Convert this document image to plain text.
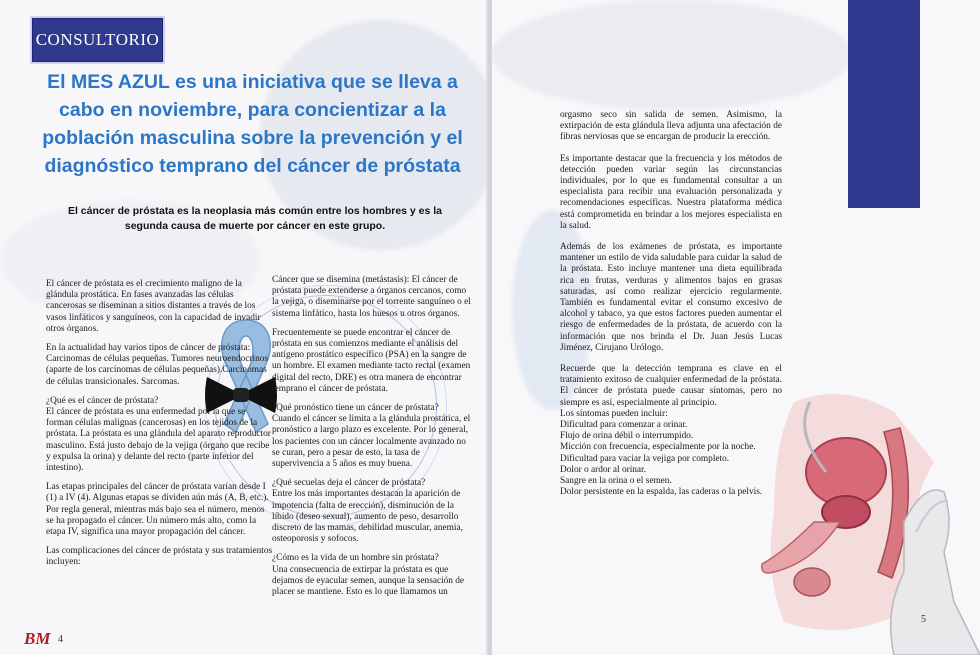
CONSULTORIO
El MES AZUL es una iniciativa que se lleva a cabo en noviembre, para concientizar a la población masculina sobre la prevención y el diagnóstico temprano del cáncer de próstata
El cáncer de próstata es la neoplasia más común entre los hombres y es la segunda causa de muerte por cáncer en este grupo.

El cáncer de próstata es el crecimiento maligno de la glándula prostática. En fases avanzadas las células cancerosas se diseminan a sitios distantes a través de los vasos linfáticos y sanguíneos, con la capacidad de invadir otros órganos.

En la actualidad hay varios tipos de cáncer de próstata: Carcinomas de células pequeñas. Tumores neuroendocrinos (aparte de los carcinomas de células pequeñas).Carcinomas de células transicionales. Sarcomas.

¿Qué es el cáncer de próstata?
El cáncer de próstata es una enfermedad por la que se forman células malignas (cancerosas) en los tejidos de la próstata. La próstata es una glándula del aparato reproductor masculino. Está justo debajo de la vejiga (órgano que recibe y expulsa la orina) y delante del recto (parte inferior del intestino).

Las etapas principales del cáncer de próstata varían desde I (1) a IV (4). Algunas etapas se dividen aún más (A, B, etc.). Por regla general, mientras más bajo sea el número, menos se ha propagado el cáncer. Un número más alto, como la etapa IV, significa una mayor propagación del cáncer.

Las complicaciones del cáncer de próstata y sus tratamientos incluyen:

Cáncer que se disemina (metástasis): El cáncer de próstata puede extenderse a órganos cercanos, como la vejiga, o diseminarse por el torrente sanguíneo o el sistema linfático, hasta los huesos u otros órganos.

Frecuentemente se puede encontrar el cáncer de próstata en sus comienzos mediante el análisis del antígeno prostático específico (PSA) en la sangre de un hombre. El examen mediante tacto rectal (examen digital del recto, DRE) es otra manera de encontrar temprano el cáncer de próstata.

¿Qué pronóstico tiene un cáncer de próstata?
Cuando el cáncer se limita a la glándula prostática, el pronóstico a largo plazo es excelente. Por lo general, los pacientes con un cáncer localmente avanzado no se curan, pero a pesar de esto, la tasa de supervivencia a 5 años es muy buena.

¿Qué secuelas deja el cáncer de próstata?
Entre los más importantes destacan la aparición de impotencia (falta de erección), disminución de la líbido (deseo sexual), aumento de peso, desarrollo discreto de las mamas, debilidad muscular, anemia, osteoporosis y sofocos.

¿Cómo es la vida de un hombre sin próstata?
Una consecuencia de extirpar la próstata es que dejamos de eyacular semen, aunque la sensación de placer se mantiene. Esto es lo que llamamos un

BM 4

orgasmo seco sin salida de semen. Asimismo, la extirpación de esta glándula lleva adjunta una afectación de fibras nerviosas que se encargan de producir la erección.

Es importante destacar que la frecuencia y los métodos de detección pueden variar según las circunstancias individuales, por lo que es fundamental consultar a un especialista para recibir una evaluación personalizada y recomendaciones específicas. Nuestra plataforma médica está comprometida en brindar a los mejores especialista en la salud.

Además de los exámenes de próstata, es importante mantener un estilo de vida saludable para cuidar la salud de la próstata. Esto incluye mantener una dieta equilibrada rica en frutas, verduras y alimentos bajos en grasas saturadas, así como realizar ejercicio regularmente. También es fundamental evitar el consumo excesivo de alcohol y tabaco, ya que estos factores pueden aumentar el riesgo de enfermedades de la próstata, de acuerdo con la información que nos brinda el Dr. Juan Jesús Lucas Jiménez, Cirujano Urólogo.

Recuerde que la detección temprana es clave en el tratamiento exitoso de cualquier enfermedad de la próstata. El cáncer de próstata puede causar síntomas, pero no siempre es así, especialmente al principio.

Los síntomas pueden incluir:
Dificultad para comenzar a orinar.
Flujo de orina débil o interrumpido.
Micción con frecuencia, especialmente por la noche.
Dificultad para vaciar la vejiga por completo.
Dolor o ardor al orinar.
Sangre en la orina o el semen.
Dolor persistente en la espalda, las caderas o la pelvis.
5
